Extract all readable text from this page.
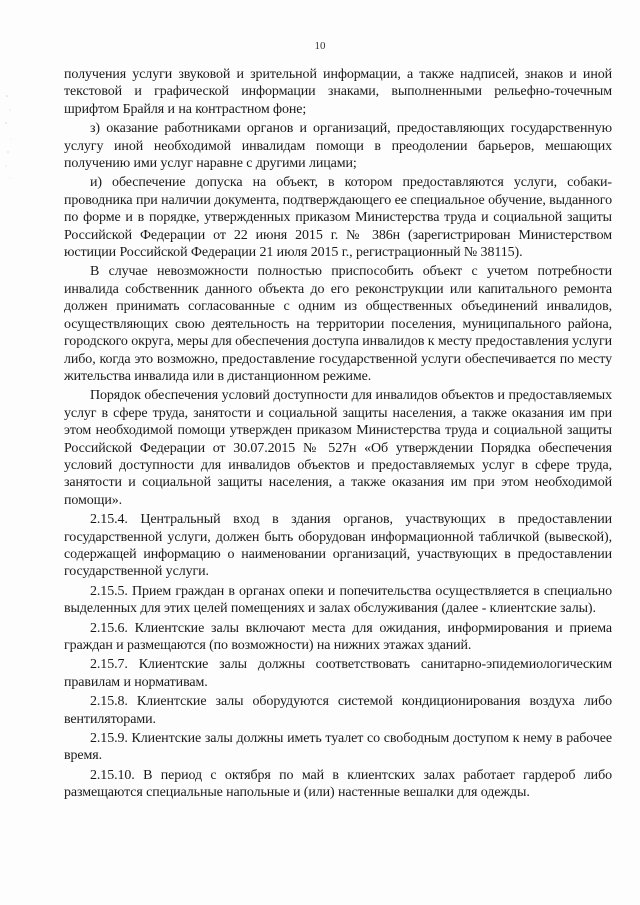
10

получения услуги звуковой и зрительной информации, а также надписей, знаков и иной текстовой и графической информации знаками, выполненными рельефно-точечным шрифтом Брайля и на контрастном фоне;

з) оказание работниками органов и организаций, предоставляющих государственную услугу иной необходимой инвалидам помощи в преодолении барьеров, мешающих получению ими услуг наравне с другими лицами;

и) обеспечение допуска на объект, в котором предоставляются услуги, собаки-проводника при наличии документа, подтверждающего ее специальное обучение, выданного по форме и в порядке, утвержденных приказом Министерства труда и социальной защиты Российской Федерации от 22 июня 2015 г. № 386н (зарегистрирован Министерством юстиции Российской Федерации 21 июля 2015 г., регистрационный № 38115).

В случае невозможности полностью приспособить объект с учетом потребности инвалида собственник данного объекта до его реконструкции или капитального ремонта должен принимать согласованные с одним из общественных объединений инвалидов, осуществляющих свою деятельность на территории поселения, муниципального района, городского округа, меры для обеспечения доступа инвалидов к месту предоставления услуги либо, когда это возможно, предоставление государственной услуги обеспечивается по месту жительства инвалида или в дистанционном режиме.

Порядок обеспечения условий доступности для инвалидов объектов и предоставляемых услуг в сфере труда, занятости и социальной защиты населения, а также оказания им при этом необходимой помощи утвержден приказом Министерства труда и социальной защиты Российской Федерации от 30.07.2015 № 527н «Об утверждении Порядка обеспечения условий доступности для инвалидов объектов и предоставляемых услуг в сфере труда, занятости и социальной защиты населения, а также оказания им при этом необходимой помощи».

2.15.4. Центральный вход в здания органов, участвующих в предоставлении государственной услуги, должен быть оборудован информационной табличкой (вывеской), содержащей информацию о наименовании организаций, участвующих в предоставлении государственной услуги.

2.15.5. Прием граждан в органах опеки и попечительства осуществляется в специально выделенных для этих целей помещениях и залах обслуживания (далее - клиентские залы).

2.15.6. Клиентские залы включают места для ожидания, информирования и приема граждан и размещаются (по возможности) на нижних этажах зданий.

2.15.7. Клиентские залы должны соответствовать санитарно-эпидемиологическим правилам и нормативам.

2.15.8. Клиентские залы оборудуются системой кондиционирования воздуха либо вентиляторами.

2.15.9. Клиентские залы должны иметь туалет со свободным доступом к нему в рабочее время.

2.15.10. В период с октября по май в клиентских залах работает гардероб либо размещаются специальные напольные и (или) настенные вешалки для одежды.
